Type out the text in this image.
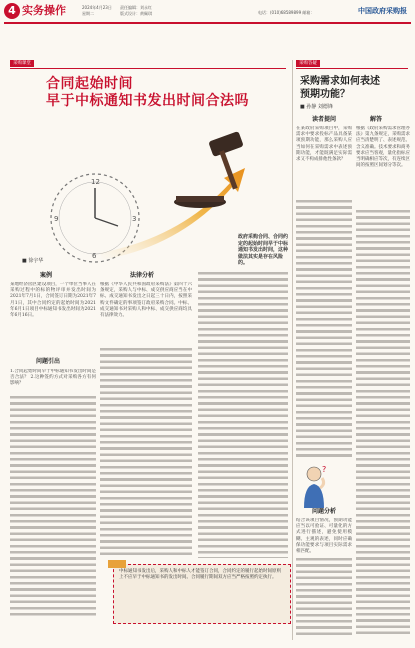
4 实务操作	2024年4月23日
星期二
责任编辑：刘永红
版式设计：黄佩琪	电话：(010)68589899 邮箱：	中国政府采购报
采购课堂
合同起始时间
早于中标通知书发出时间合法吗
12
3
6
9
政府采购合同、合同约定的起始时间早于中标通知书发出时间，这种做法其实是存在风险的。
■ 徐宇华
案例
某地经济园区建设项目，一个单位当事人在采购过程中的标的物评审并发出时间为2021年7月1日，合同签订日期为2021年7月1日，其中合同约定的起始时间为2021年6月1日项目中标通知书发出时间为2021年6月16日。
问题引出
1.合同起始时间早于中标通知书发出时间是否合法？ 2.这种签约方式对采购各方有何影响？
法律分析
根据《中华人民共和国政府采购法》第四十六条规定，采购人与中标、成交供应商应当在中标、成交通知书发出之日起三十日内，按照采购文件确定的事项签订政府采购合同。中标、成交通知书对采购人和中标、成交供应商均具有法律效力。
中标通知书发出后，采购人和中标人才能签订合同，合同约定的履行起始时间原则上不应早于中标通知书的发出时间。合同履行期间双方应当严格按照约定执行。
采购答疑
采购需求如何表述
预期功能？
■ 孙静 刘德锋
读者提问
在某政府采购项目中，采购需求中要求投标产品具备某项预期功能，那么采购人应当如何在采购需求中表述预期功能，才能既满足实际需求又不构成排他性条款？
问题分析
结合该项目情况，预期功能应当以可验证、可量化的方式进行描述，避免使用模糊、主观的表述，同时应确保功能要求与项目实际需求相匹配。
解答
根据《政府采购需求管理办法》第九条规定，采购需求应当清楚明了、表述规范、含义准确。技术要求和商务要求应当客观，量化指标应当明确相应等次，有连续区间的按照区间划分等次。
?
